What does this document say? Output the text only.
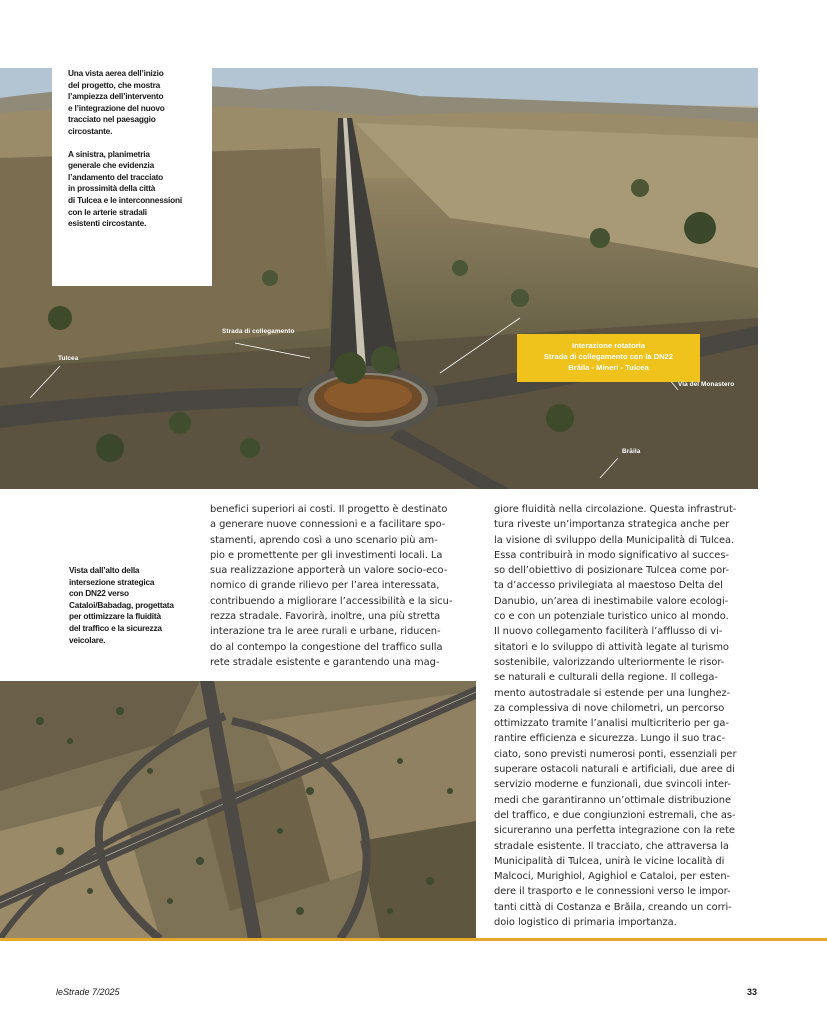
Interazione rotatoria
Strada di collegamento con la DN22
Brăila - Mineri - Tulcea
Strada di collegamento
Tulcea
Via del Monastero
Brăila
Una vista aerea dell’inizio
del progetto, che mostra
l’ampiezza dell’intervento
e l’integrazione del nuovo
tracciato nel paesaggio
circostante.
A sinistra, planimetria
generale che evidenzia
l’andamento del tracciato
in prossimità della città
di Tulcea e le interconnessioni
con le arterie stradali
esistenti circostante.
Vista dall’alto della
intersezione strategica
con DN22 verso
Cataloi/Babadag, progettata
per ottimizzare la fluidità
del traffico e la sicurezza
veicolare.
benefici superiori ai costi. Il progetto è destinato
a generare nuove connessioni e a facilitare spo-
stamenti, aprendo così a uno scenario più am-
pio e promettente per gli investimenti locali. La
sua realizzazione apporterà un valore socio-eco-
nomico di grande rilievo per l’area interessata,
contribuendo a migliorare l’accessibilità e la sicu-
rezza stradale. Favorirà, inoltre, una più stretta
interazione tra le aree rurali e urbane, riducen-
do al contempo la congestione del traffico sulla
rete stradale esistente e garantendo una mag-
giore fluidità nella circolazione. Questa infrastrut-
tura riveste un’importanza strategica anche per
la visione di sviluppo della Municipalità di Tulcea.
Essa contribuirà in modo significativo al succes-
so dell’obiettivo di posizionare Tulcea come por-
ta d’accesso privilegiata al maestoso Delta del
Danubio, un’area di inestimabile valore ecologi-
co e con un potenziale turistico unico al mondo.
Il nuovo collegamento faciliterà l’afflusso di vi-
sitatori e lo sviluppo di attività legate al turismo
sostenibile, valorizzando ulteriormente le risor-
se naturali e culturali della regione. Il collega-
mento autostradale si estende per una lunghez-
za complessiva di nove chilometri, un percorso
ottimizzato tramite l’analisi multicriterio per ga-
rantire efficienza e sicurezza. Lungo il suo trac-
ciato, sono previsti numerosi ponti, essenziali per
superare ostacoli naturali e artificiali, due aree di
servizio moderne e funzionali, due svincoli inter-
medi che garantiranno un’ottimale distribuzione
del traffico, e due congiunzioni estremali, che as-
sicureranno una perfetta integrazione con la rete
stradale esistente. Il tracciato, che attraversa la
Municipalità di Tulcea, unirà le vicine località di
Malcoci, Murighiol, Agighiol e Cataloi, per esten-
dere il trasporto e le connessioni verso le impor-
tanti città di Costanza e Brăila, creando un corri-
doio logistico di primaria importanza.
leStrade 7/2025	33
